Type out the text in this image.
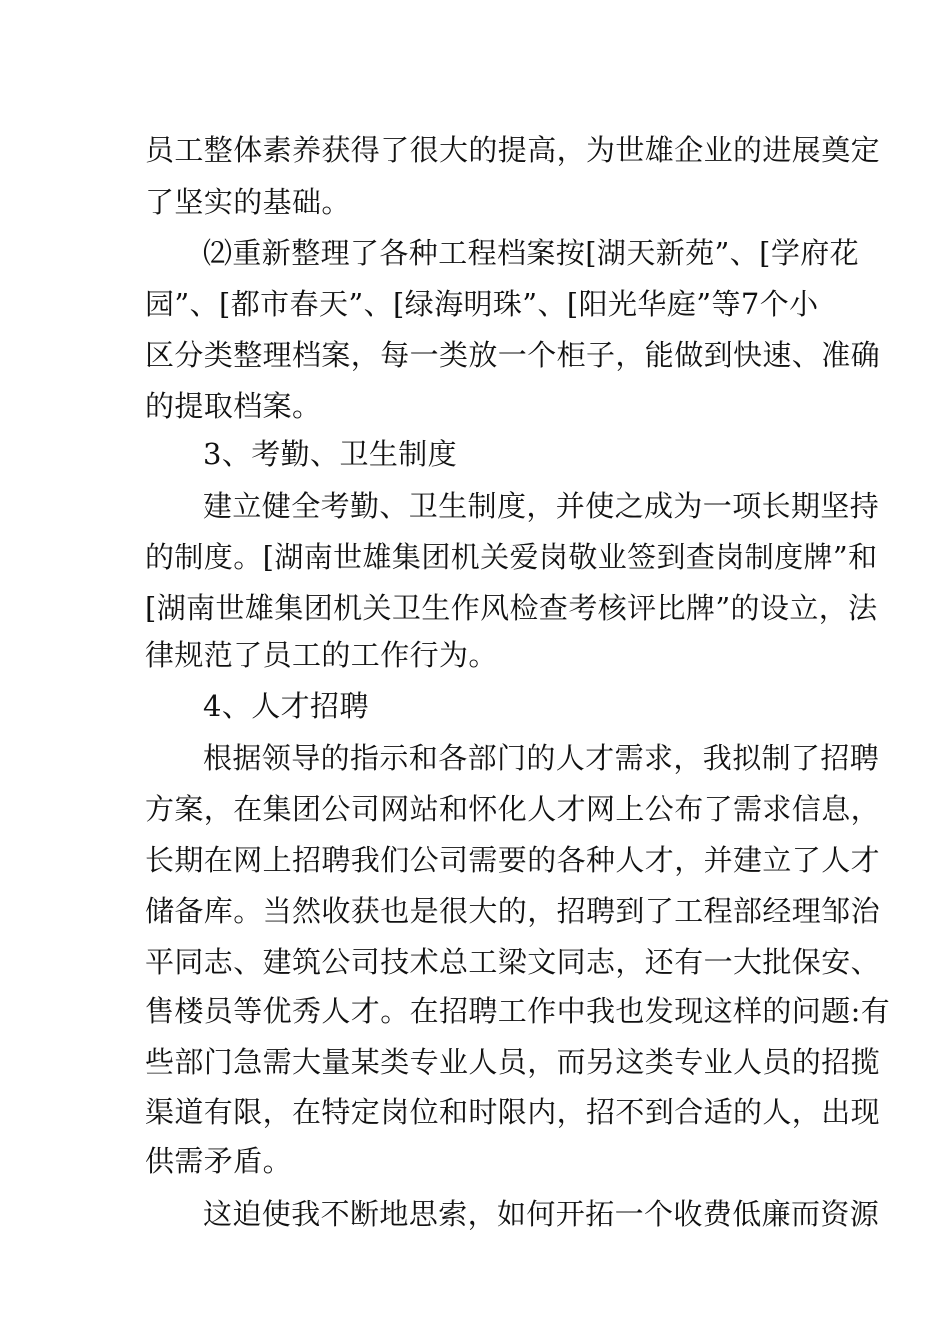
员工整体素养获得了很大的提高，为世雄企业的进展奠定
了坚实的基础。
⑵重新整理了各种工程档案按[湖天新苑”、[学府花
园”、[都市春天”、[绿海明珠”、[阳光华庭”等7个小
区分类整理档案，每一类放一个柜子，能做到快速、准确
的提取档案。
3、考勤、卫生制度
建立健全考勤、卫生制度，并使之成为一项长期坚持
的制度。[湖南世雄集团机关爱岗敬业签到查岗制度牌”和
[湖南世雄集团机关卫生作风检查考核评比牌”的设立，法
律规范了员工的工作行为。
4、人才招聘
根据领导的指示和各部门的人才需求，我拟制了招聘
方案，在集团公司网站和怀化人才网上公布了需求信息，
长期在网上招聘我们公司需要的各种人才，并建立了人才
储备库。当然收获也是很大的，招聘到了工程部经理邹治
平同志、建筑公司技术总工梁文同志，还有一大批保安、
售楼员等优秀人才。在招聘工作中我也发现这样的问题:有
些部门急需大量某类专业人员，而另这类专业人员的招揽
渠道有限，在特定岗位和时限内，招不到合适的人，出现
供需矛盾。
这迫使我不断地思索，如何开拓一个收费低廉而资源
